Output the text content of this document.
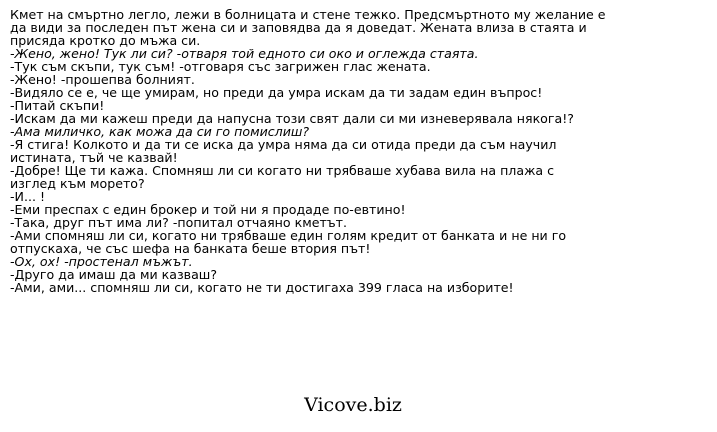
Кмет на смъртно легло, лежи в болницата и стене тежко. Предсмъртното му желание е
да види за последен път жена си и заповядва да я доведат. Жената влиза в стаята и
присяда кротко до мъжа си.
-Жено, жено! Тук ли си? -отваря той едното си око и оглежда стаята.
-Тук съм скъпи, тук съм! -отговаря със загрижен глас жената.
-Жено! -прошепва болният.
-Видяло се е, че ще умирам, но преди да умра искам да ти задам един въпрос!
-Питай скъпи!
-Искам да ми кажеш преди да напусна този свят дали си ми изневерявала някога!?
-Ама миличко, как можа да си го помислиш?
-Я стига! Колкото и да ти се иска да умра няма да си отида преди да съм научил
истината, тъй че казвай!
-Добре! Ще ти кажа. Спомняш ли си когато ни трябваше хубава вила на плажа с
изглед към морето?
-И... !
-Еми преспах с един брокер и той ни я продаде по-евтино!
-Така, друг път има ли? -попитал отчаяно кметът.
-Ами спомняш ли си, когато ни трябваше един голям кредит от банката и не ни го
отпускаха, че със шефа на банката беше втория път!
-Ох, ох! -простенал мъжът.
-Друго да имаш да ми казваш?
-Ами, ами... спомняш ли си, когато не ти достигаха 399 гласа на изборите!
Vicove.biz
